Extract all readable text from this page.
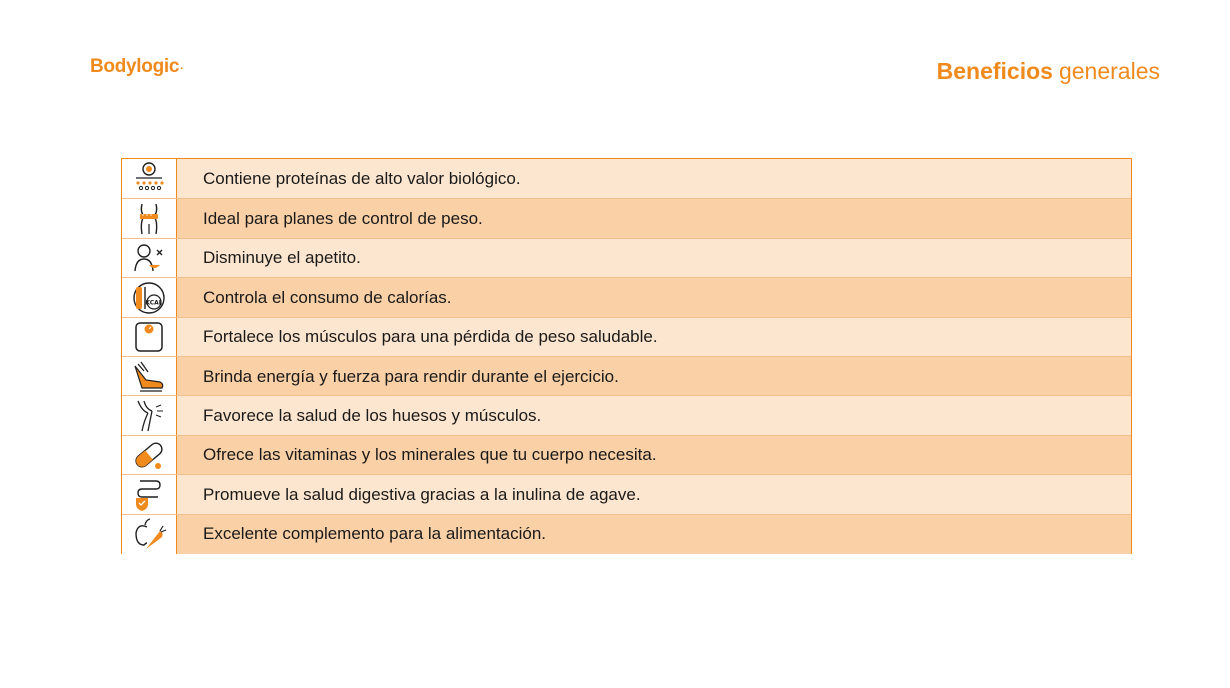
Bodylogic·	Beneficios generales
Contiene proteínas de alto valor biológico.
Ideal para planes de control de peso.
Disminuye el apetito.
KCAL	Controla el consumo de calorías.
Fortalece los músculos para una pérdida de peso saludable.
Brinda energía y fuerza para rendir durante el ejercicio.
Favorece la salud de los huesos y músculos.
Ofrece las vitaminas y los minerales que tu cuerpo necesita.
Promueve la salud digestiva gracias a la inulina de agave.
Excelente complemento para la alimentación.
